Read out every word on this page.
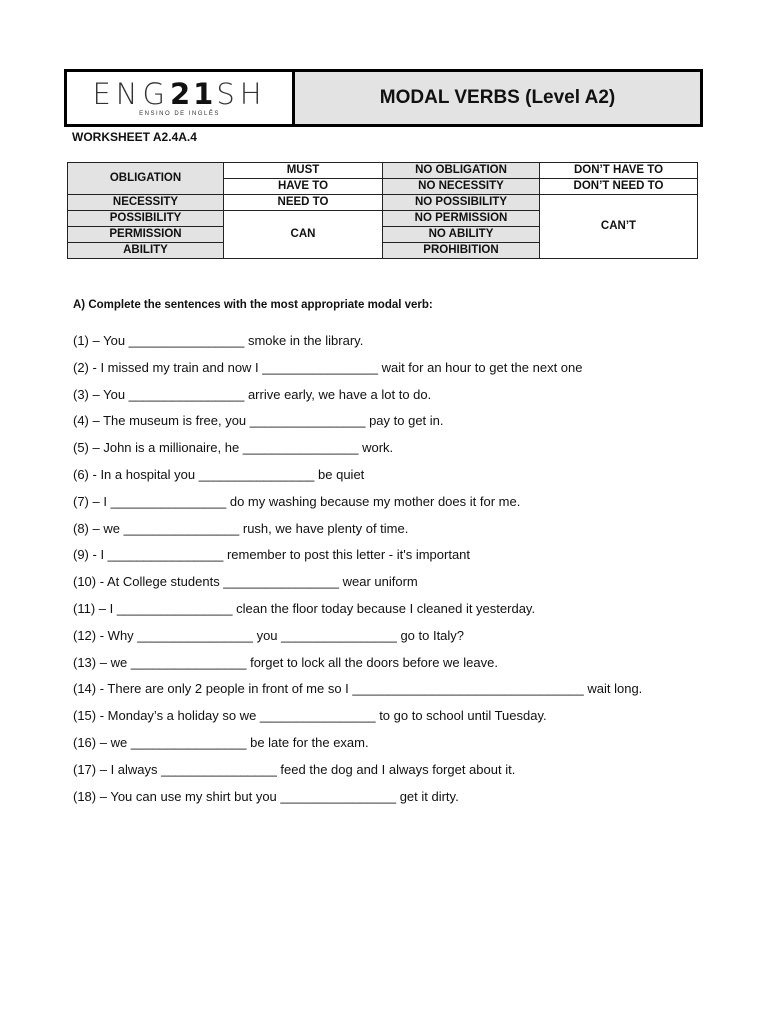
ENG21SH
ENSINO DE INGLÊS
MODAL VERBS (Level A2)
WORKSHEET A2.4A.4
OBLIGATION	MUST	NO OBLIGATION	DON’T HAVE TO
	HAVE TO	NO NECESSITY	DON’T NEED TO
NECESSITY	NEED TO	NO POSSIBILITY	CAN’T
POSSIBILITY	CAN	NO PERMISSION	
PERMISSION		NO ABILITY	
ABILITY		PROHIBITION	

A) Complete the sentences with the most appropriate modal verb:
(1) – You ________________ smoke in the library.
(2) - I missed my train and now I ________________ wait for an hour to get the next one
(3) – You ________________ arrive early, we have a lot to do.
(4) – The museum is free, you ________________ pay to get in.
(5) – John is a millionaire, he ________________ work.
(6) - In a hospital you ________________ be quiet
(7) – I ________________ do my washing because my mother does it for me.
(8) – we ________________ rush, we have plenty of time.
(9) - I ________________ remember to post this letter - it's important
(10) - At College students ________________ wear uniform
(11) – I ________________ clean the floor today because I cleaned it yesterday.
(12) - Why ________________ you ________________ go to Italy?
(13) – we ________________ forget to lock all the doors before we leave.
(14) - There are only 2 people in front of me so I ________________________________ wait long.
(15) - Monday’s a holiday so we ________________ to go to school until Tuesday.
(16) – we ________________ be late for the exam.
(17) – I always ________________ feed the dog and I always forget about it.
(18) – You can use my shirt but you ________________ get it dirty.
